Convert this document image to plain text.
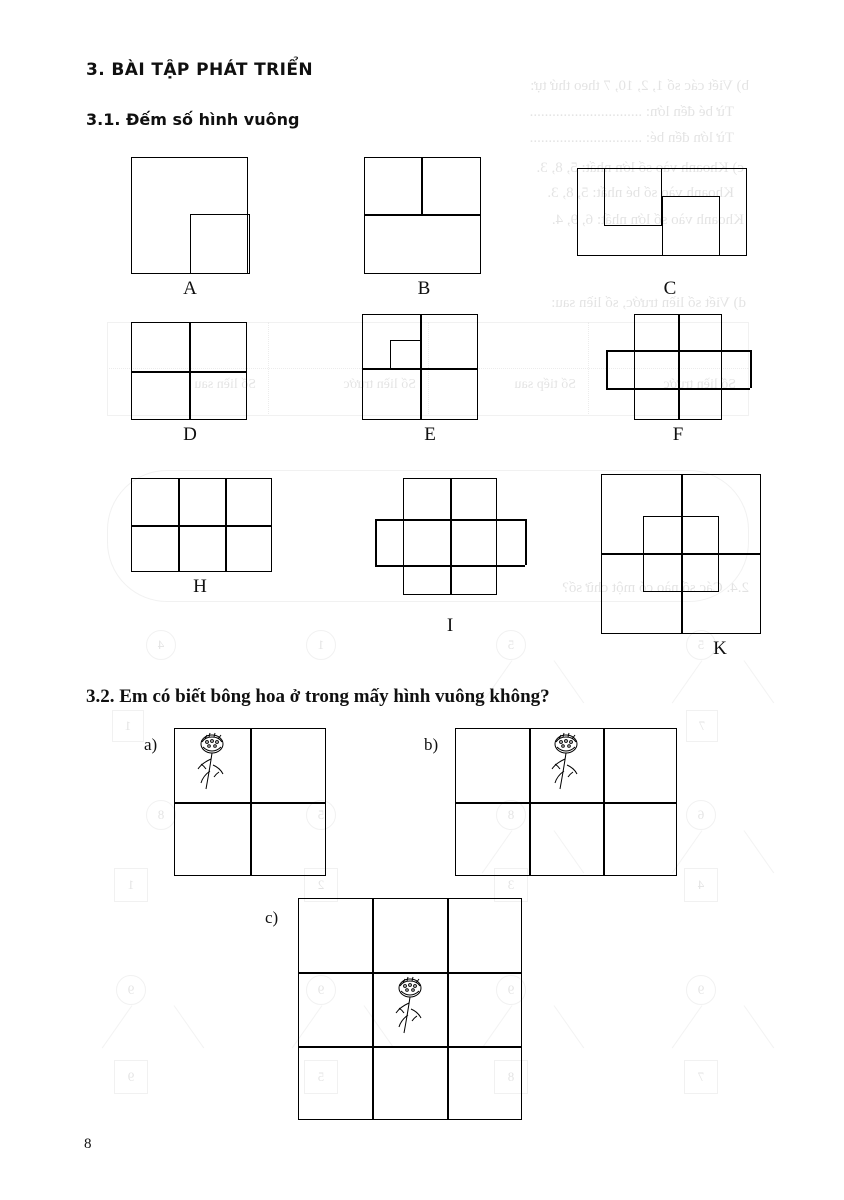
b) Viết các số 1, 2, 10, 7 theo thứ tự:
Từ bé đến lớn: ..............................
Từ lớn đến bé: ..............................
c) Khoanh vào số lớn nhất: 5, 8, 3.
Khoanh vào số bé nhất: 5, 8, 3.
Khoanh vào số lớn nhất: 6, 9, 4.
d) Viết số liền trước, số liền sau:
Số liền trước
Số tiếp sau
Số liền trước
Số liền sau
2.4. Các số nào có một chữ số?
5
5
1
4
7
1
6
8
5
8
4
3
2
1
9
9
9
9
7
8
5
9
3. BÀI TẬP PHÁT TRIỂN
3.1. Đếm số hình vuông
A	B	C
D	E	F
H
I
K
3.2. Em có biết bông hoa ở trong mấy hình vuông không?
a)	b)
c)
8
